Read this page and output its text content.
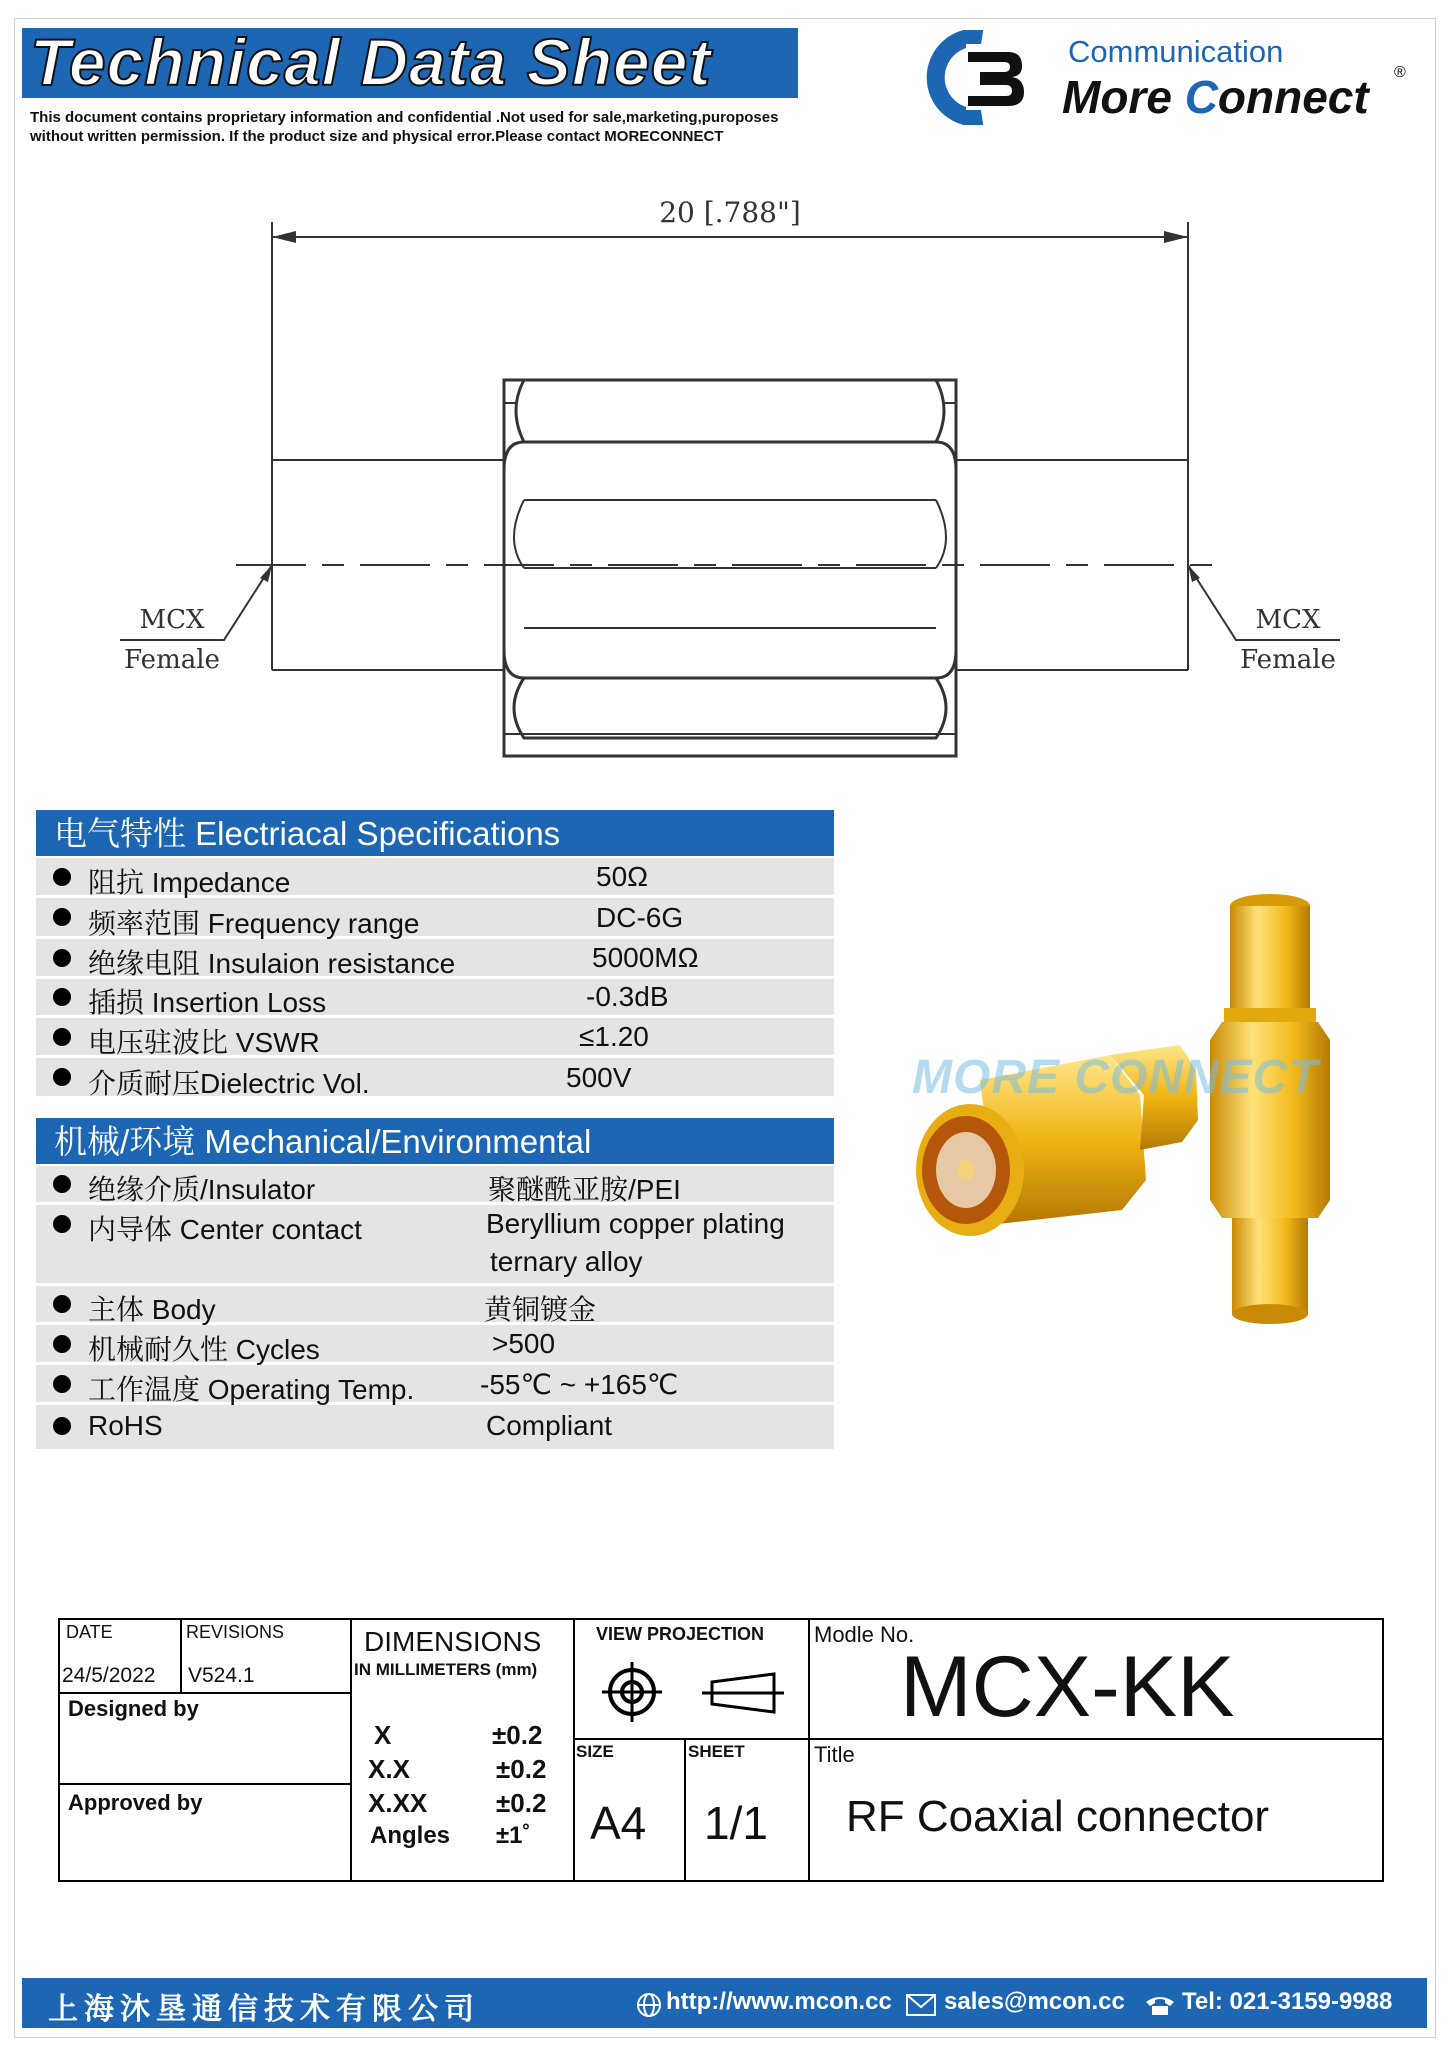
Technical Data Sheet
This document contains proprietary information and confidential .Not used for sale,marketing,puroposes
without written permission. If the product size and physical error.Please contact MORECONNECT
Communication
More Connect ®
20 [.788"]
MCX
Female
MCX
Female
电气特性 Electriacal Specifications
阻抗 Impedance	50Ω
频率范围 Frequency range	DC-6G
绝缘电阻 Insulaion resistance	5000MΩ
插损 Insertion Loss	-0.3dB
电压驻波比 VSWR	≤1.20
介质耐压Dielectric Vol.	500V
机械/环境 Mechanical/Environmental
绝缘介质/Insulator	聚醚酰亚胺/PEI
内导体 Center contact	Beryllium copper plating
ternary alloy
主体 Body	黄铜镀金
机械耐久性 Cycles	>500
工作温度 Operating Temp. -55℃ ~ +165℃
RoHS	Compliant
MORE CONNECT
DATE	REVISIONS
24/5/2022 V524.1
Designed by
Approved by
DIMENSIONS
IN MILLIMETERS (mm)
X	±0.2
X.X	±0.2
X.XX	±0.2
Angles ±1˚
VIEW PROJECTION
SIZE	SHEET
A4 1/1
Modle No.
MCX-KK
Title
RF Coaxial connector
上海沐垦通信技术有限公司	http://www.mcon.cc sales@mcon.cc Tel: 021-3159-9988
